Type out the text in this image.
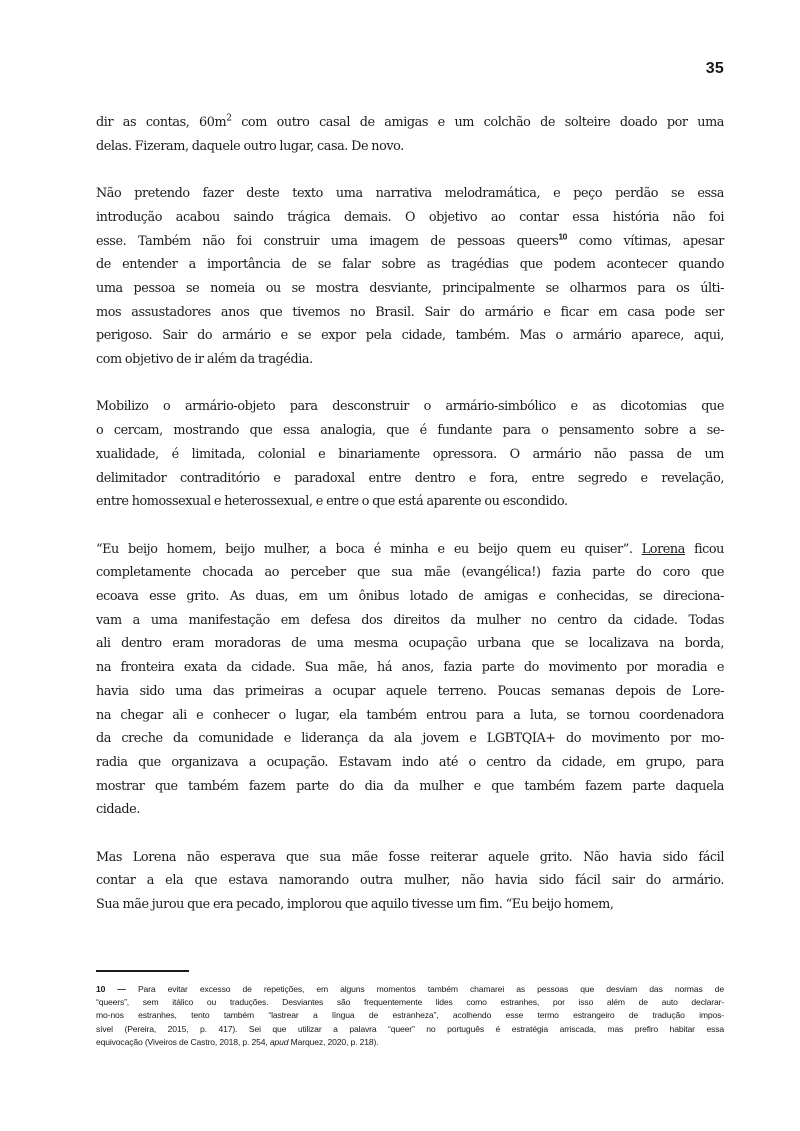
35
dir as contas, $60m^2$ com outro casal de amigas e um colchão de solteire doado por uma
delas. Fizeram, daquele outro lugar, casa. De novo.
Não pretendo fazer deste texto uma narrativa melodramática, e peço perdão se essa
introdução acabou saindo trágica demais. O objetivo ao contar essa história não foi
esse. Também não foi construir uma imagem de pessoas queers$^{10}$ como vítimas, apesar
de entender a importância de se falar sobre as tragédias que podem acontecer quando
uma pessoa se nomeia ou se mostra desviante, principalmente se olharmos para os últi-
mos assustadores anos que tivemos no Brasil. Sair do armário e ficar em casa pode ser
perigoso. Sair do armário e se expor pela cidade, também. Mas o armário aparece, aqui,
com objetivo de ir além da tragédia.
Mobilizo o armário-objeto para desconstruir o armário-simbólico e as dicotomias que
o cercam, mostrando que essa analogia, que é fundante para o pensamento sobre a se-
xualidade, é limitada, colonial e binariamente opressora. O armário não passa de um
delimitador contraditório e paradoxal entre dentro e fora, entre segredo e revelação,
entre homossexual e heterossexual, e entre o que está aparente ou escondido.
“Eu beijo homem, beijo mulher, a boca é minha e eu beijo quem eu quiser”. Lorena ficou
completamente chocada ao perceber que sua mãe (evangélica!) fazia parte do coro que
ecoava esse grito. As duas, em um ônibus lotado de amigas e conhecidas, se direciona-
vam a uma manifestação em defesa dos direitos da mulher no centro da cidade. Todas
ali dentro eram moradoras de uma mesma ocupação urbana que se localizava na borda,
na fronteira exata da cidade. Sua mãe, há anos, fazia parte do movimento por moradia e
havia sido uma das primeiras a ocupar aquele terreno. Poucas semanas depois de Lore-
na chegar ali e conhecer o lugar, ela também entrou para a luta, se tornou coordenadora
da creche da comunidade e liderança da ala jovem e LGBTQIA+ do movimento por mo-
radia que organizava a ocupação. Estavam indo até o centro da cidade, em grupo, para
mostrar que também fazem parte do dia da mulher e que também fazem parte daquela
cidade.
Mas Lorena não esperava que sua mãe fosse reiterar aquele grito. Não havia sido fácil
contar a ela que estava namorando outra mulher, não havia sido fácil sair do armário.
Sua mãe jurou que era pecado, implorou que aquilo tivesse um fim. “Eu beijo homem,
10 — Para evitar excesso de repetições, em alguns momentos também chamarei as pessoas que desviam das normas de
“queers”, sem itálico ou traduções. Desviantes são frequentemente lides como estranhes, por isso além de auto declarar-
mo-nos estranhes, tento também “lastrear a língua de estranheza”, acolhendo esse termo estrangeiro de tradução impos-
sível (Pereira, 2015, p. 417). Sei que utilizar a palavra “queer” no português é estratégia arriscada, mas prefiro habitar essa
equivocação (Viveiros de Castro, 2018, p. 254, apud Marquez, 2020, p. 218).
